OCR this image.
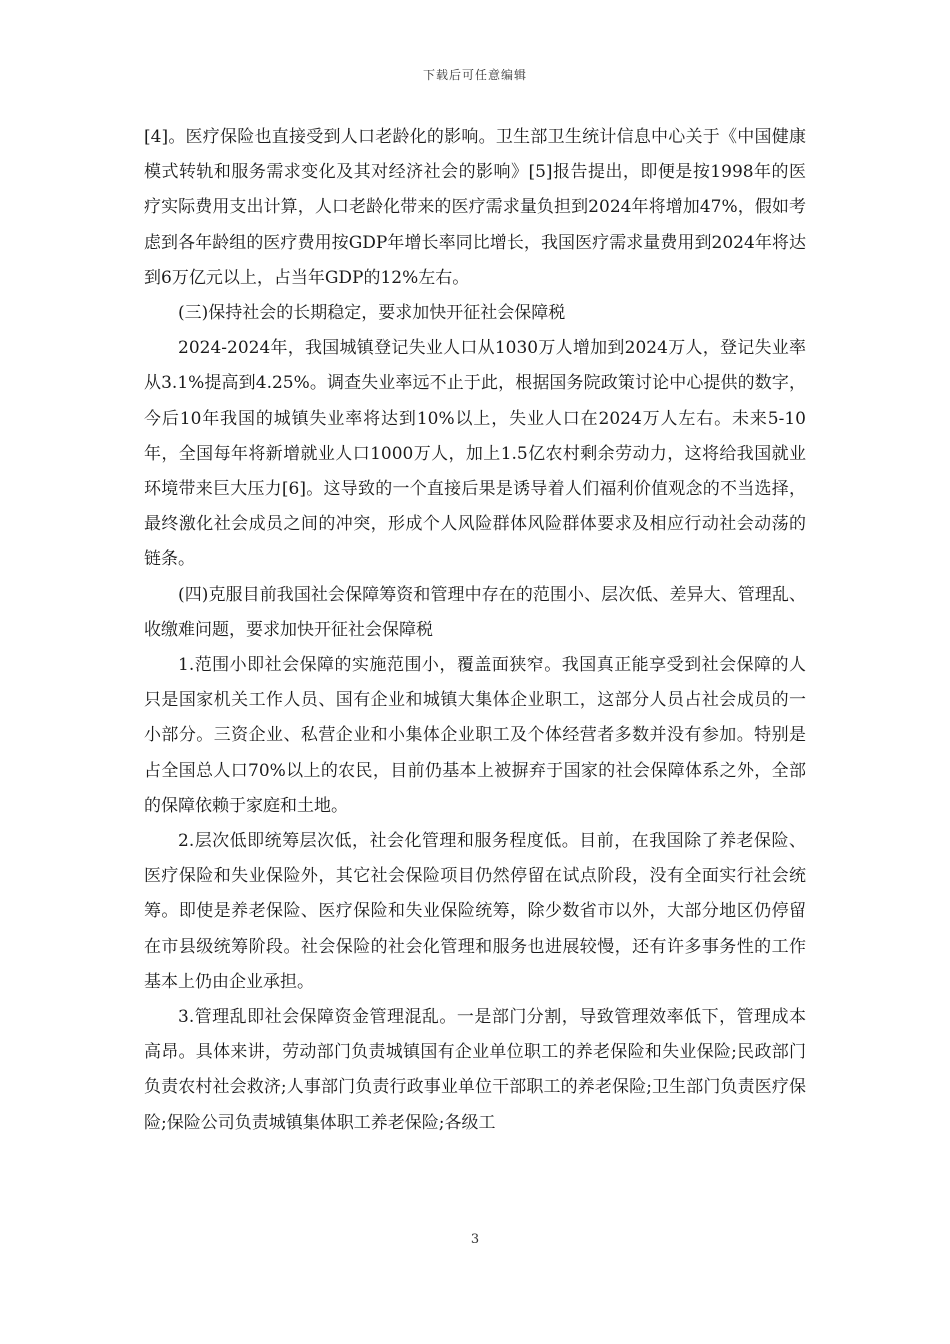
下载后可任意编辑

[4]。医疗保险也直接受到人口老龄化的影响。卫生部卫生统计信息中心关于《中国健康模式转轨和服务需求变化及其对经济社会的影响》[5]报告提出，即便是按1998年的医疗实际费用支出计算，人口老龄化带来的医疗需求量负担到2024年将增加47%，假如考虑到各年龄组的医疗费用按GDP年增长率同比增长，我国医疗需求量费用到2024年将达到6万亿元以上，占当年GDP的12%左右。

(三)保持社会的长期稳定，要求加快开征社会保障税

2024-2024年，我国城镇登记失业人口从1030万人增加到2024万人，登记失业率从3.1%提高到4.25%。调查失业率远不止于此，根据国务院政策讨论中心提供的数字，今后10年我国的城镇失业率将达到10%以上，失业人口在2024万人左右。未来5-10年，全国每年将新增就业人口1000万人，加上1.5亿农村剩余劳动力，这将给我国就业环境带来巨大压力[6]。这导致的一个直接后果是诱导着人们福利价值观念的不当选择，最终激化社会成员之间的冲突，形成个人风险群体风险群体要求及相应行动社会动荡的链条。

(四)克服目前我国社会保障筹资和管理中存在的范围小、层次低、差异大、管理乱、收缴难问题，要求加快开征社会保障税

1.范围小即社会保障的实施范围小，覆盖面狭窄。我国真正能享受到社会保障的人只是国家机关工作人员、国有企业和城镇大集体企业职工，这部分人员占社会成员的一小部分。三资企业、私营企业和小集体企业职工及个体经营者多数并没有参加。特别是占全国总人口70%以上的农民，目前仍基本上被摒弃于国家的社会保障体系之外，全部的保障依赖于家庭和土地。

2.层次低即统筹层次低，社会化管理和服务程度低。目前，在我国除了养老保险、医疗保险和失业保险外，其它社会保险项目仍然停留在试点阶段，没有全面实行社会统筹。即使是养老保险、医疗保险和失业保险统筹，除少数省市以外，大部分地区仍停留在市县级统筹阶段。社会保险的社会化管理和服务也进展较慢，还有许多事务性的工作基本上仍由企业承担。

3.管理乱即社会保障资金管理混乱。一是部门分割，导致管理效率低下，管理成本高昂。具体来讲，劳动部门负责城镇国有企业单位职工的养老保险和失业保险;民政部门负责农村社会救济;人事部门负责行政事业单位干部职工的养老保险;卫生部门负责医疗保险;保险公司负责城镇集体职工养老保险;各级工

3
